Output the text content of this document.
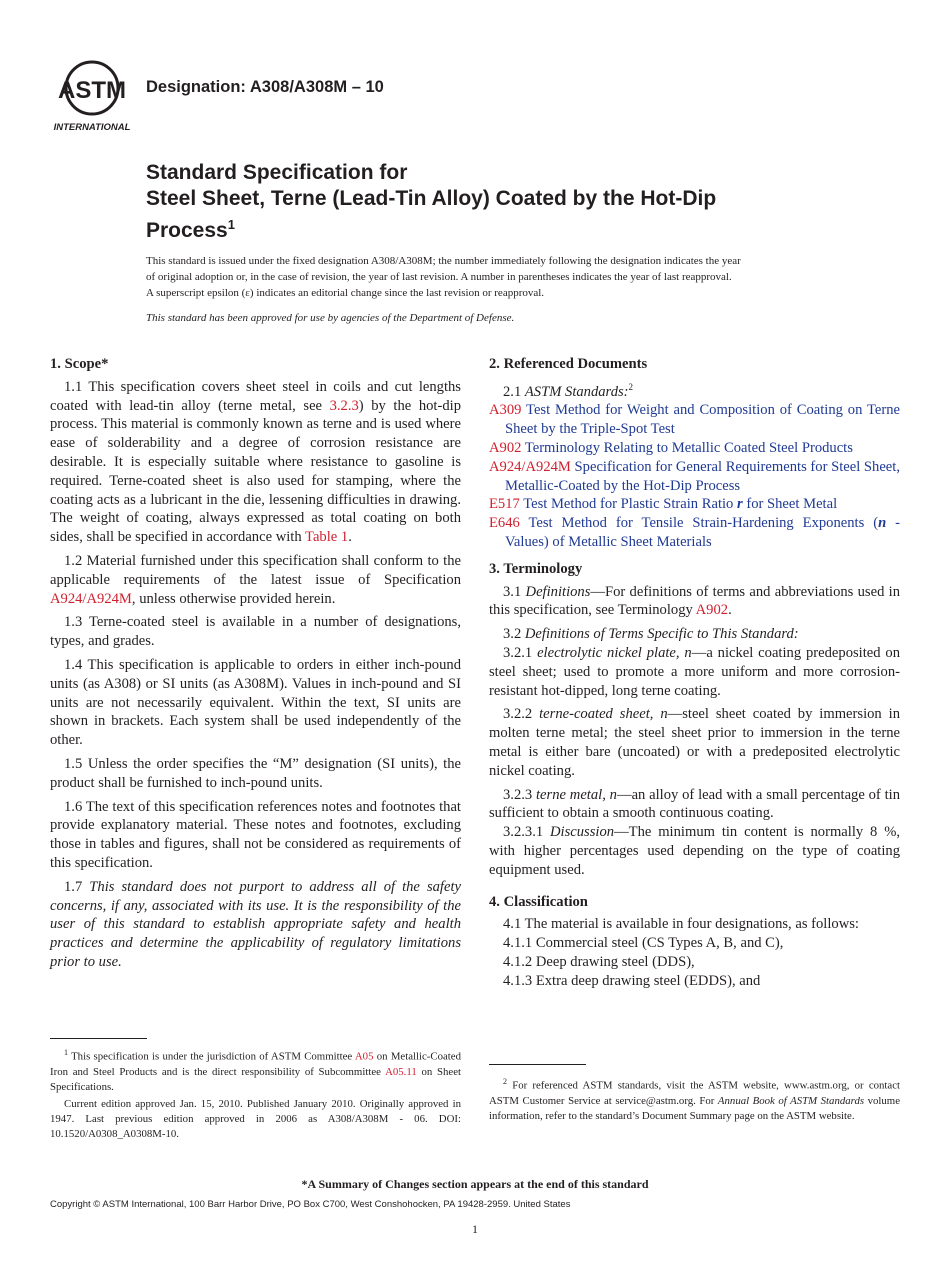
ASTM
INTERNATIONAL
Designation: A308/A308M – 10
Standard Specification for
Steel Sheet, Terne (Lead-Tin Alloy) Coated by the Hot-Dip
Process$^1$

This standard is issued under the fixed designation A308/A308M; the number immediately following the designation indicates the year

of original adoption or, in the case of revision, the year of last revision. A number in parentheses indicates the year of last reapproval.

A superscript epsilon (ε) indicates an editorial change since the last revision or reapproval.

This standard has been approved for use by agencies of the Department of Defense.
1. Scope*

1.1 This specification covers sheet steel in coils and cut lengths coated with lead-tin alloy (terne metal, see 3.2.3) by the hot-dip process. This material is commonly known as terne and is used where ease of solderability and a degree of corrosion resistance are desirable. It is especially suitable where resistance to gasoline is required. Terne-coated sheet is also used for stamping, where the coating acts as a lubricant in the die, lessening difficulties in drawing. The weight of coating, always expressed as total coating on both sides, shall be specified in accordance with Table 1.

1.2 Material furnished under this specification shall conform to the applicable requirements of the latest issue of Specification A924/A924M, unless otherwise provided herein.

1.3 Terne-coated steel is available in a number of designations, types, and grades.

1.4 This specification is applicable to orders in either inch-pound units (as A308) or SI units (as A308M). Values in inch-pound and SI units are not necessarily equivalent. Within the text, SI units are shown in brackets. Each system shall be used independently of the other.

1.5 Unless the order specifies the “M” designation (SI units), the product shall be furnished to inch-pound units.

1.6 The text of this specification references notes and footnotes that provide explanatory material. These notes and footnotes, excluding those in tables and figures, shall not be considered as requirements of this specification.

1.7 This standard does not purport to address all of the safety concerns, if any, associated with its use. It is the responsibility of the user of this standard to establish appropriate safety and health practices and determine the applicability of regulatory limitations prior to use.

2. Referenced Documents
2.1 ASTM Standards:$^2$
A309 Test Method for Weight and Composition of Coating on Terne Sheet by the Triple-Spot Test
A902 Terminology Relating to Metallic Coated Steel Products
A924/A924M Specification for General Requirements for Steel Sheet, Metallic-Coated by the Hot-Dip Process
E517 Test Method for Plastic Strain Ratio r for Sheet Metal
E646 Test Method for Tensile Strain-Hardening Exponents (n -Values) of Metallic Sheet Materials
3. Terminology

3.1 Definitions—For definitions of terms and abbreviations used in this specification, see Terminology A902.

3.2 Definitions of Terms Specific to This Standard:

3.2.1 electrolytic nickel plate, n—a nickel coating predeposited on steel sheet; used to promote a more uniform and more corrosion-resistant hot-dipped, long terne coating.

3.2.2 terne-coated sheet, n—steel sheet coated by immersion in molten terne metal; the steel sheet prior to immersion in the terne metal is either bare (uncoated) or with a predeposited electrolytic nickel coating.

3.2.3 terne metal, n—an alloy of lead with a small percentage of tin sufficient to obtain a smooth continuous coating.

3.2.3.1 Discussion—The minimum tin content is normally 8 %, with higher percentages used depending on the type of coating equipment used.

4. Classification

4.1 The material is available in four designations, as follows:

4.1.1 Commercial steel (CS Types A, B, and C),

4.1.2 Deep drawing steel (DDS),

4.1.3 Extra deep drawing steel (EDDS), and

$^1$ This specification is under the jurisdiction of ASTM Committee A05 on Metallic-Coated Iron and Steel Products and is the direct responsibility of Subcommittee A05.11 on Sheet Specifications.

Current edition approved Jan. 15, 2010. Published January 2010. Originally approved in 1947. Last previous edition approved in 2006 as A308/A308M - 06. DOI: 10.1520/A0308_A0308M-10.

$^2$ For referenced ASTM standards, visit the ASTM website, www.astm.org, or contact ASTM Customer Service at service@astm.org. For Annual Book of ASTM Standards volume information, refer to the standard’s Document Summary page on the ASTM website.

*A Summary of Changes section appears at the end of this standard
Copyright © ASTM International, 100 Barr Harbor Drive, PO Box C700, West Conshohocken, PA 19428-2959. United States
1
